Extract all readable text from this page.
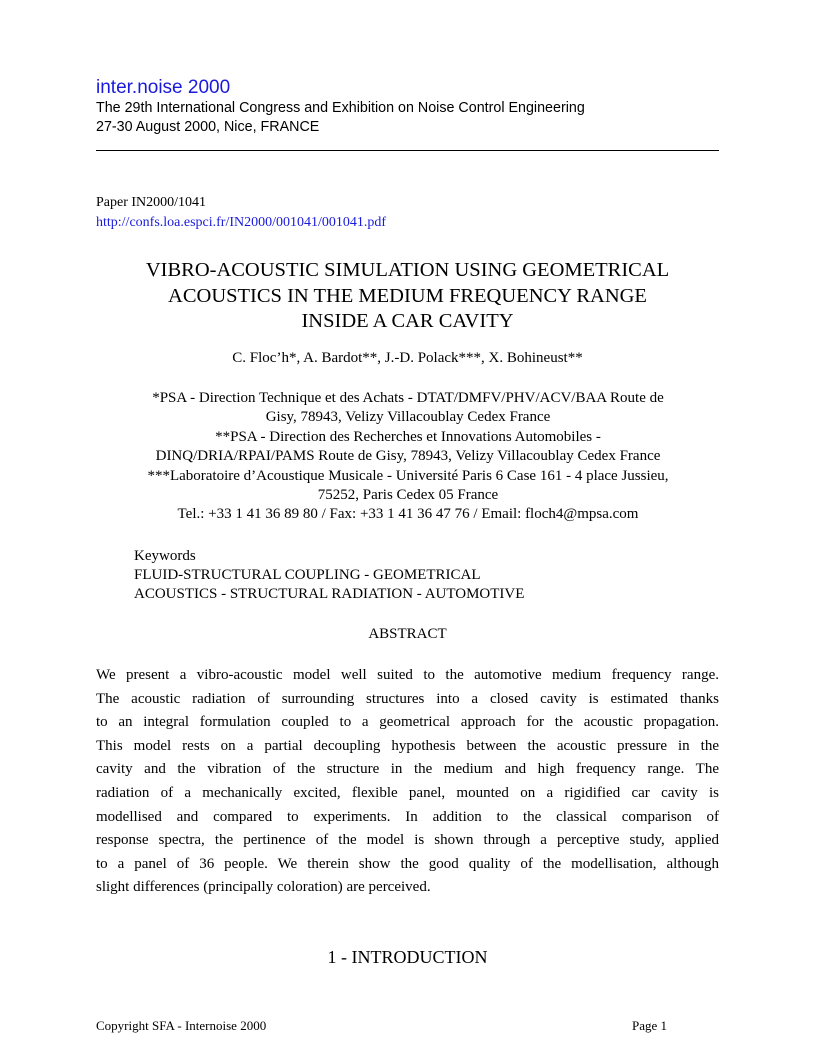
inter.noise 2000
The 29th International Congress and Exhibition on Noise Control Engineering
27-30 August 2000, Nice, FRANCE
Paper IN2000/1041
http://confs.loa.espci.fr/IN2000/001041/001041.pdf
VIBRO-ACOUSTIC SIMULATION USING GEOMETRICAL
ACOUSTICS IN THE MEDIUM FREQUENCY RANGE
INSIDE A CAR CAVITY
C. Floc’h*, A. Bardot**, J.-D. Polack***, X. Bohineust**
*PSA - Direction Technique et des Achats - DTAT/DMFV/PHV/ACV/BAA Route de
Gisy, 78943, Velizy Villacoublay Cedex France
**PSA - Direction des Recherches et Innovations Automobiles -
DINQ/DRIA/RPAI/PAMS Route de Gisy, 78943, Velizy Villacoublay Cedex France
***Laboratoire d’Acoustique Musicale - Université Paris 6 Case 161 - 4 place Jussieu,
75252, Paris Cedex 05 France
Tel.: +33 1 41 36 89 80 / Fax: +33 1 41 36 47 76 / Email: floch4@mpsa.com
Keywords
FLUID-STRUCTURAL COUPLING - GEOMETRICAL
ACOUSTICS - STRUCTURAL RADIATION - AUTOMOTIVE
ABSTRACT
We present a vibro-acoustic model well suited to the automotive medium frequency range.
The acoustic radiation of surrounding structures into a closed cavity is estimated thanks
to an integral formulation coupled to a geometrical approach for the acoustic propagation.
This model rests on a partial decoupling hypothesis between the acoustic pressure in the
cavity and the vibration of the structure in the medium and high frequency range. The
radiation of a mechanically excited, flexible panel, mounted on a rigidified car cavity is
modellised and compared to experiments. In addition to the classical comparison of
response spectra, the pertinence of the model is shown through a perceptive study, applied
to a panel of 36 people. We therein show the good quality of the modellisation, although
slight differences (principally coloration) are perceived.
1 - INTRODUCTION
Copyright SFA - Internoise 2000	Page 1
